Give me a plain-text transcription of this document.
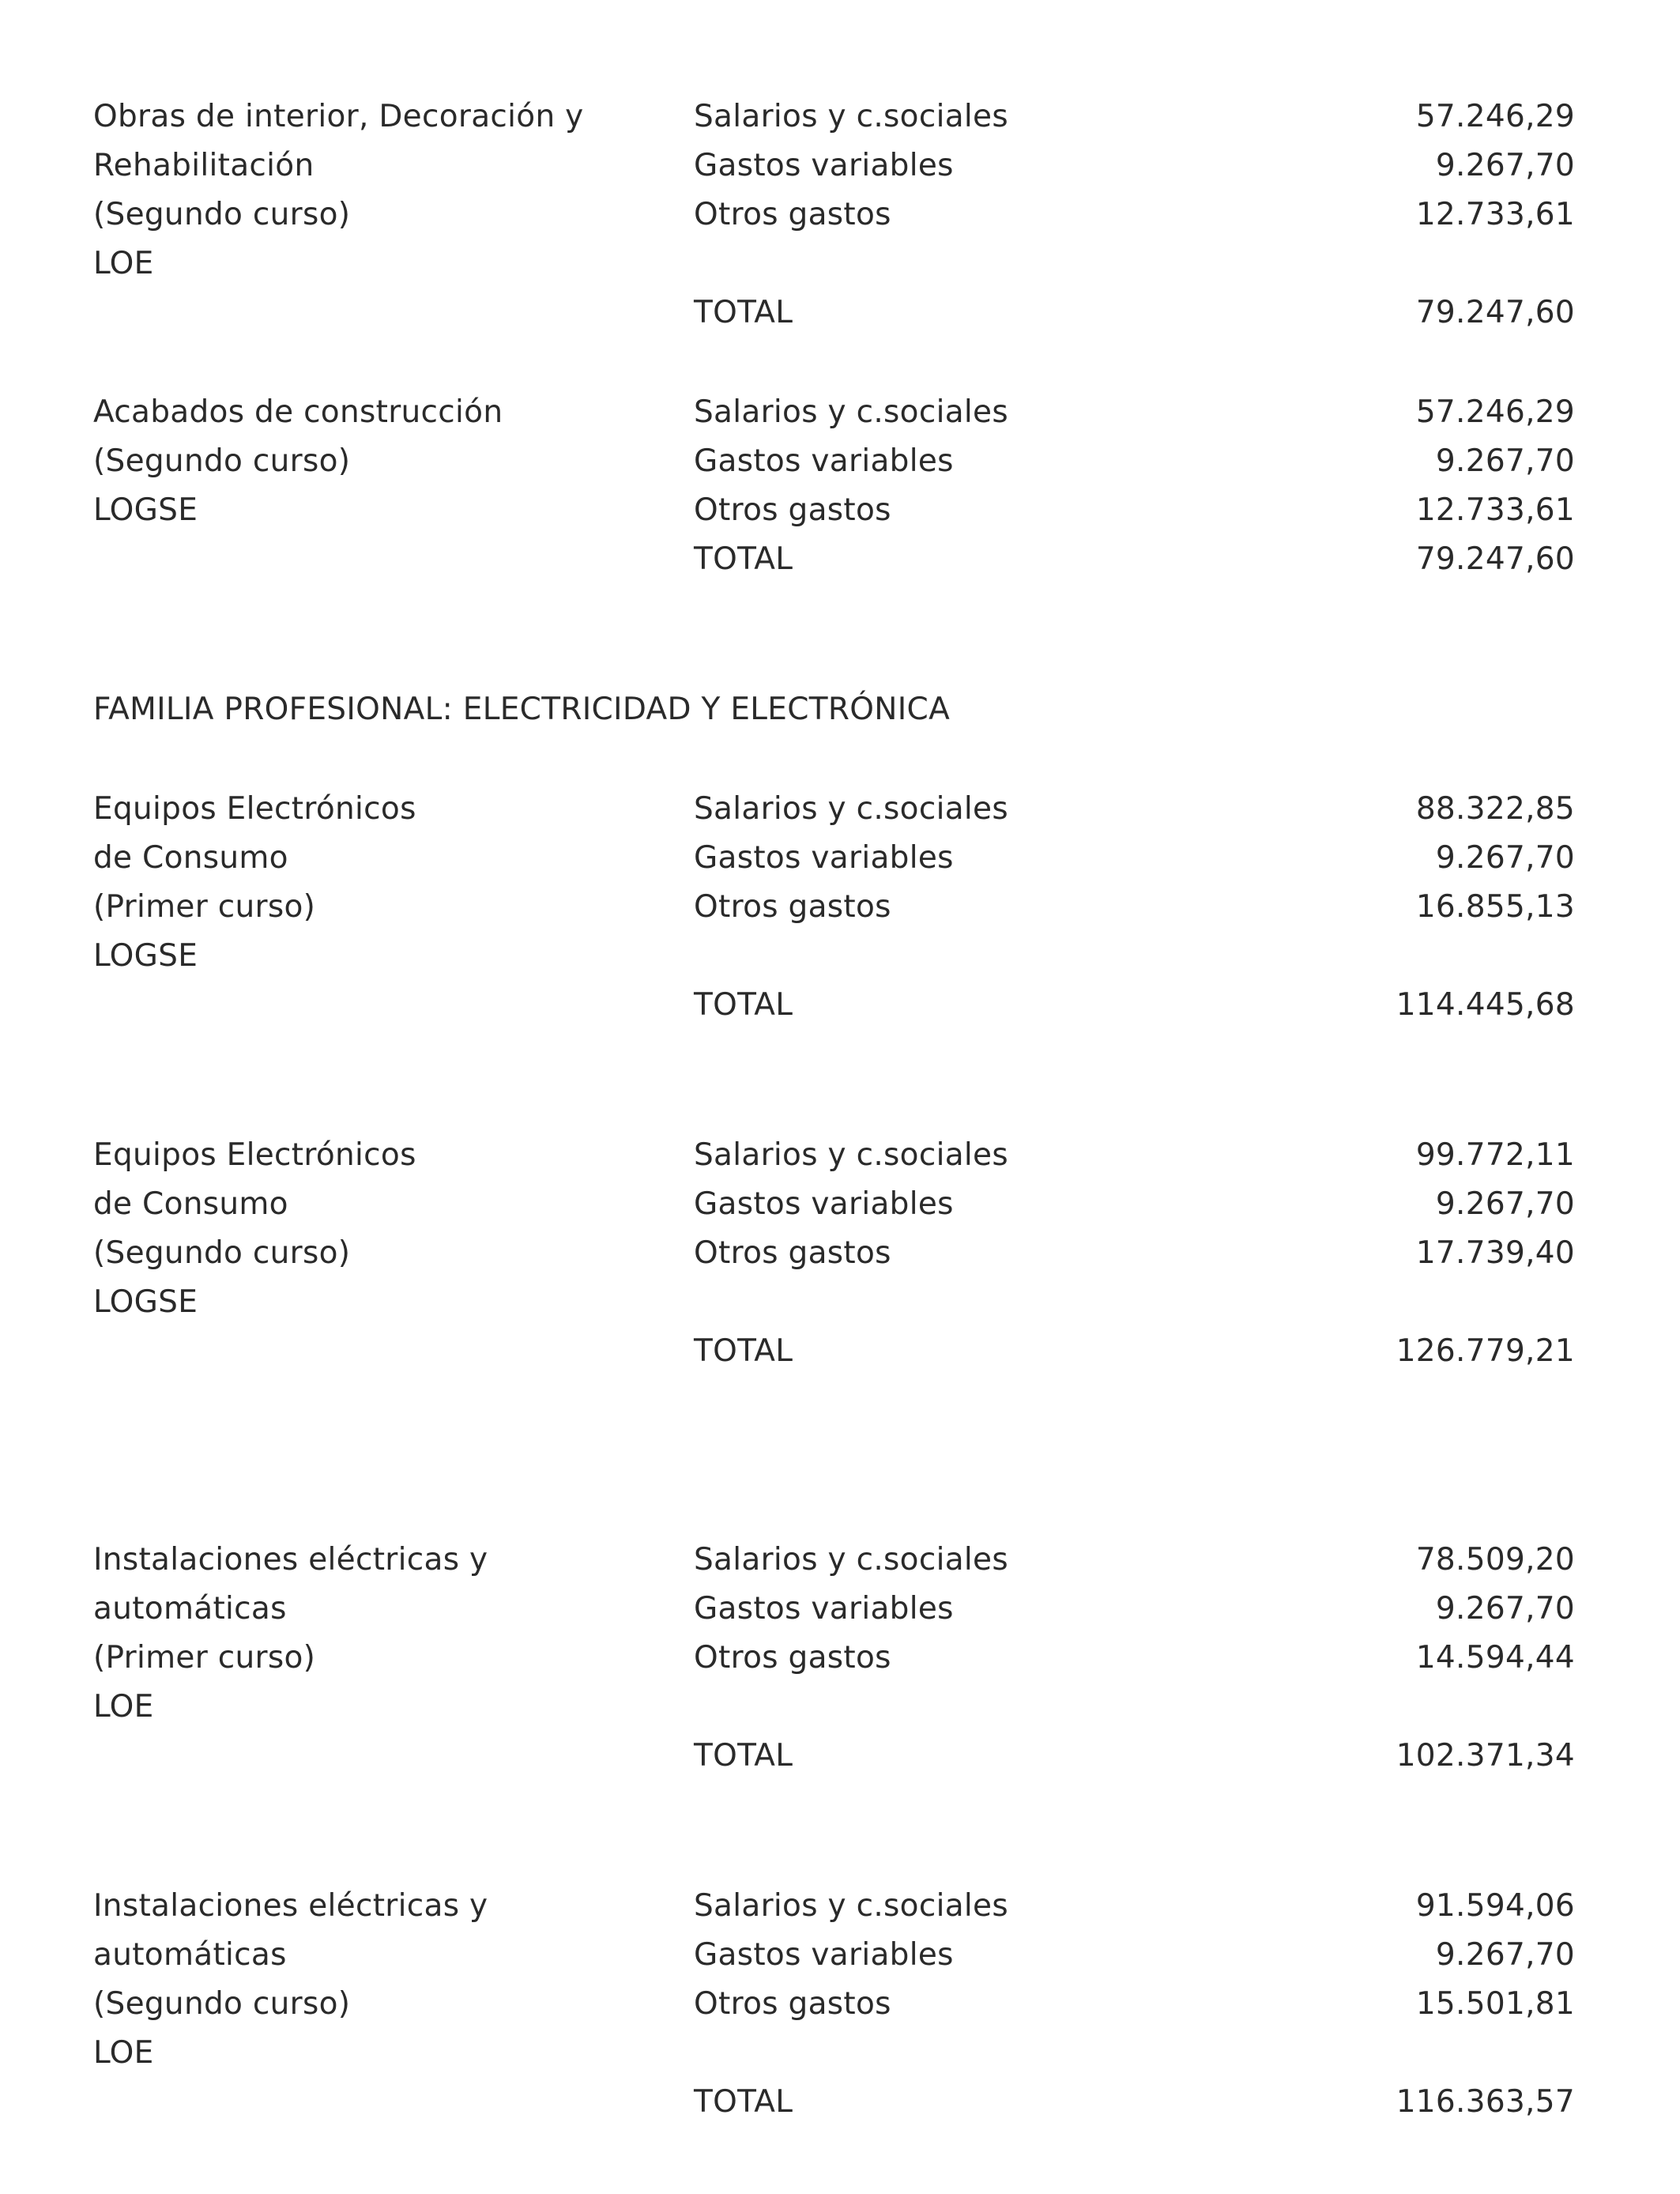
Obras de interior, Decoración y
Rehabilitación
(Segundo curso)
LOE
Salarios y c.sociales
Gastos variables
Otros gastos
TOTAL
57.246,29
9.267,70
12.733,61
79.247,60
Acabados de construcción
(Segundo curso)
LOGSE
Salarios y c.sociales
Gastos variables
Otros gastos
TOTAL
57.246,29
9.267,70
12.733,61
79.247,60
FAMILIA PROFESIONAL: ELECTRICIDAD Y ELECTRÓNICA
Equipos Electrónicos
de Consumo
(Primer curso)
LOGSE
Salarios y c.sociales
Gastos variables
Otros gastos
TOTAL
88.322,85
9.267,70
16.855,13
114.445,68
Equipos Electrónicos
de Consumo
(Segundo curso)
LOGSE
Salarios y c.sociales
Gastos variables
Otros gastos
TOTAL
99.772,11
9.267,70
17.739,40
126.779,21
Instalaciones eléctricas y
automáticas
(Primer curso)
LOE
Salarios y c.sociales
Gastos variables
Otros gastos
TOTAL
78.509,20
9.267,70
14.594,44
102.371,34
Instalaciones eléctricas y
automáticas
(Segundo curso)
LOE
Salarios y c.sociales
Gastos variables
Otros gastos
TOTAL
91.594,06
9.267,70
15.501,81
116.363,57
